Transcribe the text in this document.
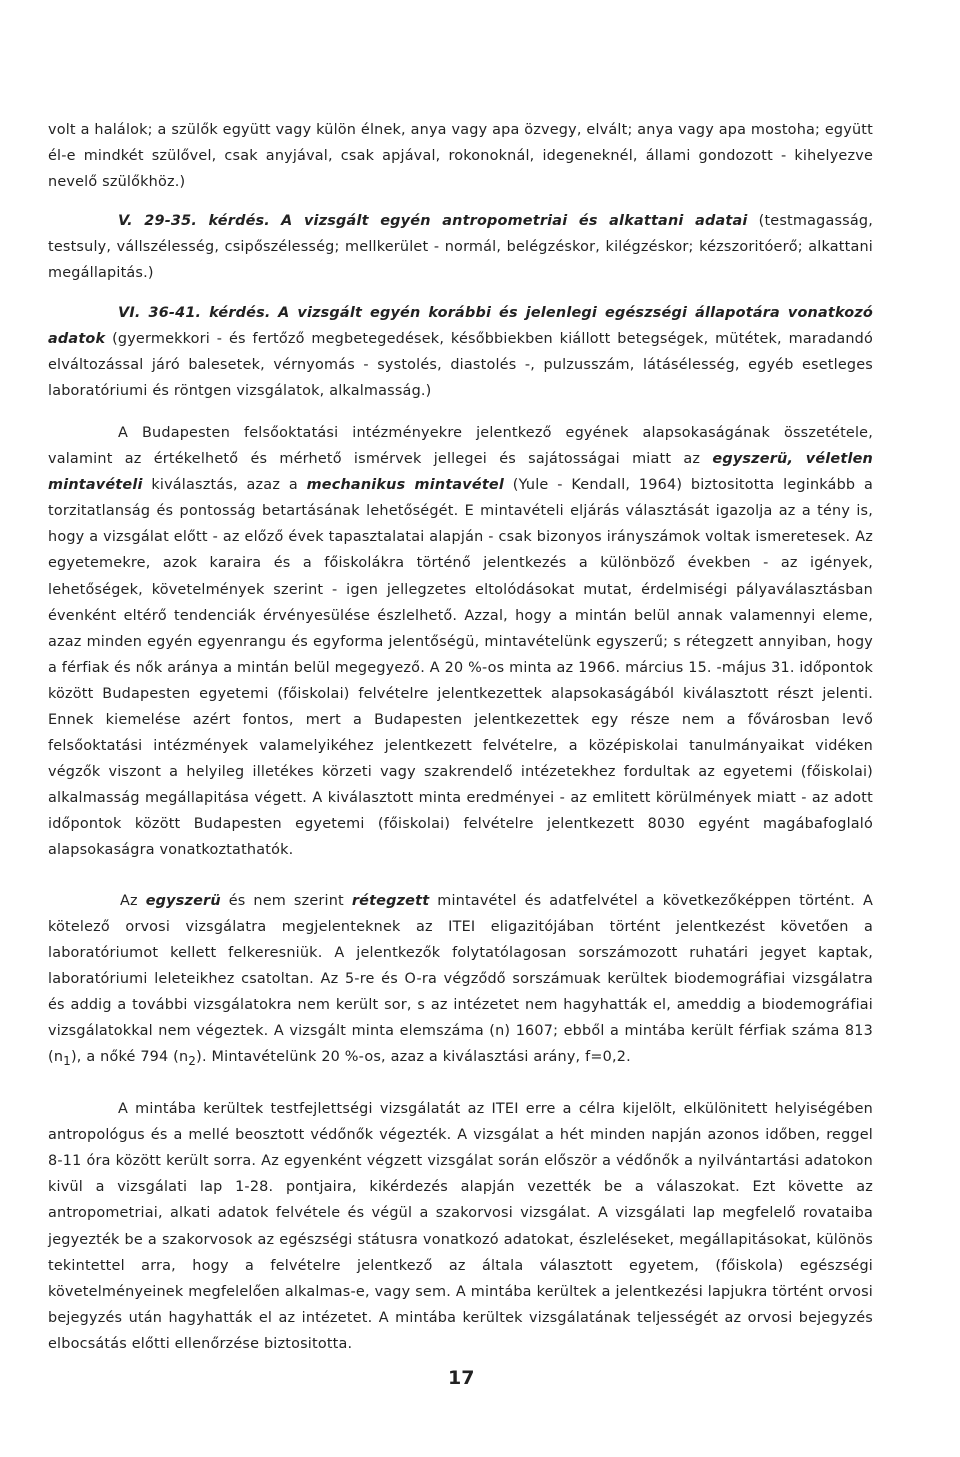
volt a halálok; a szülők együtt vagy külön élnek, anya vagy apa özvegy, elvált; anya vagy apa mostoha; együtt él-e mindkét szülővel, csak anyjával, csak apjával, rokonoknál, idegeneknél, állami gondozott - kihelyezve nevelő szülőkhöz.)

V. 29-35. kérdés. A vizsgált egyén antropometriai és alkattani adatai (testmagasság, testsuly, vállszélesség, csipőszélesség; mellkerület - normál, belégzéskor, kilégzéskor; kézszoritóerő; alkattani megállapitás.)

VI. 36-41. kérdés. A vizsgált egyén korábbi és jelenlegi egészségi állapotára vonatkozó adatok (gyermekkori - és fertőző megbetegedések, későbbiekben kiállott betegségek, mütétek, maradandó elváltozással járó balesetek, vérnyomás - systolés, diastolés -, pulzusszám, látásélesség, egyéb esetleges laboratóriumi és röntgen vizsgálatok, alkalmasság.)

A Budapesten felsőoktatási intézményekre jelentkező egyének alapsokaságának összetétele, valamint az értékelhető és mérhető ismérvek jellegei és sajátosságai miatt az egyszerü, véletlen mintavételi kiválasztás, azaz a mechanikus mintavétel (Yule - Kendall, 1964) biztositotta leginkább a torzitatlanság és pontosság betartásának lehetőségét. E mintavételi eljárás választását igazolja az a tény is, hogy a vizsgálat előtt - az előző évek tapasztalatai alapján - csak bizonyos irányszámok voltak ismeretesek. Az egyetemekre, azok karaira és a főiskolákra történő jelentkezés a különböző években - az igények, lehetőségek, követelmények szerint - igen jellegzetes eltolódásokat mutat, érdelmiségi pályaválasztásban évenként eltérő tendenciák érvényesülése észlelhető. Azzal, hogy a mintán belül annak valamennyi eleme, azaz minden egyén egyenrangu és egyforma jelentőségü, mintavételünk egyszerű; s rétegzett annyiban, hogy a férfiak és nők aránya a mintán belül megegyező. A 20 %-os minta az 1966. március 15. -május 31. időpontok között Budapesten egyetemi (főiskolai) felvételre jelentkezettek alapsokaságából kiválasztott részt jelenti. Ennek kiemelése azért fontos, mert a Budapesten jelentkezettek egy része nem a fővárosban levő felsőoktatási intézmények valamelyikéhez jelentkezett felvételre, a középiskolai tanulmányaikat vidéken végzők viszont a helyileg illetékes körzeti vagy szakrendelő intézetekhez fordultak az egyetemi (főiskolai) alkalmasság megállapitása végett. A kiválasztott minta eredményei - az emlitett körülmények miatt - az adott időpontok között Budapesten egyetemi (főiskolai) felvételre jelentkezett 8030 egyént magábafoglaló alapsokaságra vonatkoztathatók.

Az egyszerü és nem szerint rétegzett mintavétel és adatfelvétel a következőképpen történt. A kötelező orvosi vizsgálatra megjelenteknek az ITEI eligazitójában történt jelentkezést követően a laboratóriumot kellett felkeresniük. A jelentkezők folytatólagosan sorszámozott ruhatári jegyet kaptak, laboratóriumi leleteikhez csatoltan. Az 5-re és O-ra végződő sorszámuak kerültek biodemográfiai vizsgálatra és addig a további vizsgálatokra nem került sor, s az intézetet nem hagyhatták el, ameddig a biodemográfiai vizsgálatokkal nem végeztek. A vizsgált minta elemszáma (n) 1607; ebből a mintába került férfiak száma 813 $(n_1)$, a nőké 794 $(n_2)$. Mintavételünk 20 %-os, azaz a kiválasztási arány, f=0,2.

A mintába kerültek testfejlettségi vizsgálatát az ITEI erre a célra kijelölt, elkülönitett helyiségében antropológus és a mellé beosztott védőnők végezték. A vizsgálat a hét minden napján azonos időben, reggel 8-11 óra között került sorra. Az egyenként végzett vizsgálat során először a védőnők a nyilvántartási adatokon kivül a vizsgálati lap 1-28. pontjaira, kikérdezés alapján vezették be a válaszokat. Ezt követte az antropometriai, alkati adatok felvétele és végül a szakorvosi vizsgálat. A vizsgálati lap megfelelő rovataiba jegyezték be a szakorvosok az egészségi státusra vonatkozó adatokat, észleléseket, megállapitásokat, különös tekintettel arra, hogy a felvételre jelentkező az általa választott egyetem, (főiskola) egészségi követelményeinek megfelelően alkalmas-e, vagy sem. A mintába kerültek a jelentkezési lapjukra történt orvosi bejegyzés után hagyhatták el az intézetet. A mintába kerültek vizsgálatának teljességét az orvosi bejegyzés elbocsátás előtti ellenőrzése biztositotta.

17
